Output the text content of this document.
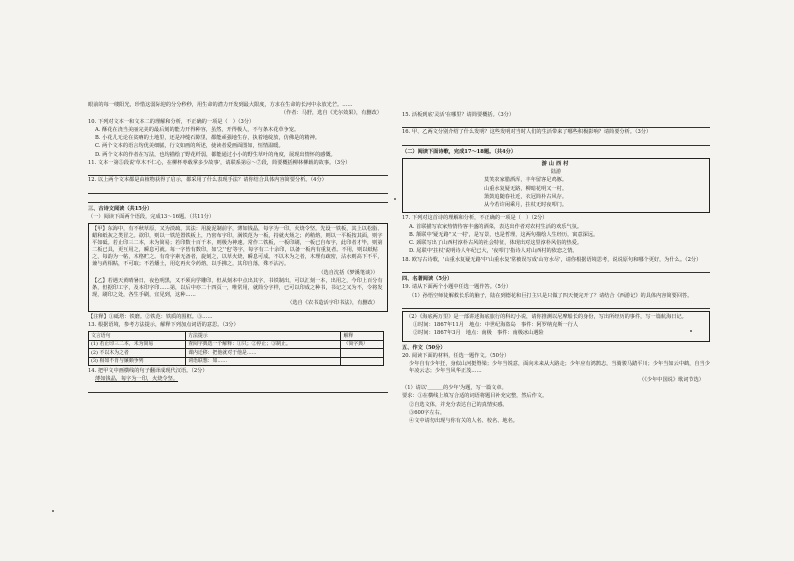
眼前的每一缕阳光，珍惜这弱际迎的分分秒秒，用生命的潜力开发到最大限度，方求在生命的长河中永放光芒。……

（作者：马舒，选自《光尔效果》，有删改）

10. 下列对文本一和文本二的理解和分析，不正确的一项是（　）（3分）

A. 酥花在浇当美丽完美的最后刻的能力开得种容，虽然，开得极人，不与条木花草争宠。

B. 小花儿无论在贫瘠的土地里，还是冲缝石隙里，都能顽强地生存，执着地绽放，仿佛是的精神。

C. 两个文本的语言均优美细腻，行文如画的所述，使读者爱画面图如，恒情温暖。

D. 两个文本的作者在写法，也均描绘了野花纤弱，都能通过小小的野生草叶的角度，展现出情怀的感慨。

11. 文本一第⑤段说'草木不仁心，在柳杯枣载掌多少故事'，请联系第⑥～⑦段，简要概括柳林柳载的故事。（3分）

12. 以上两个文本都是由植物获得了启示，都采用了什么表现手法？请你结合具体内容简要分析。（4分）

三、古诗文阅读（共15分）

（一）阅读下面两个语段，完成13～16题。（共11分）

【甲】东海中，有不秋草原，又为淡疏，其法：用旋泥制前字，薄如钱晶，每字为一印，火烧令坚。先设一铁板，其上以松脂、蜡和纸灰之类冒之。欲印，则以一铁范置铁板上，乃密布字印，满铁范为一板，持就火炀之；药稍熔，则以一平板按其面，则字平如砥。若止印三二本，未为简易；若印数十百千本，则极为神速。常作二铁板，一板印刷，一板已自布字，此印者才毕，则第二板已具，更互用之，瞬息可就。每一字皆有数印，如'之''也'等字，每字有二十余印，以备一板内有重复者。不用，则以纸帖之，每韵为一帖，木格贮之。有奇字素无备者，旋刻之，以草火烧，瞬息可成。不以木为之者，木理有疏密，沾水则高下不平，兼与药相粘，不可取；不若燔土，用讫再火令药熔，以手拂之，其印自落，殊不沾污。

（选自沈括《梦溪笔谈》）

【乙】若遇天黄晴暑日，夜色明黑，又不须向学雕印，但从刻本中点出其字，书铁制出，可以汇刻一本，出用之，今印上百分有条，但据印工字，及本印字印……第，以后中亦二十四页一，唯常用，就简分字样，已可以印成之种书，书记之又为不，令将发现，刷印之处，各生手刷，宜见到，这种……

（选自《农书造活字印书法》，有删改）

【注释】①砥塔：铁磨。②铁范：铁质的围框。③……

13. 根据语境，参考方法提示，解释下列加点词语的意思。（3分）

文言语句	方法提示	解释
(1) 若止印三二本，未为简易	查阅字典选一个解释：①只；②停止；③制止。	（简字典）
(2) 不以木为之者	课内迁移：把他就对于他是……	
(3) 相如不肯与廉颇争列	词语联想：如……	

14. 把甲文中画横线的句子翻译成现代汉语。（2分）

薄如钱晶，每字为一印，火烧令坚。

15. 活板到底'灵活'在哪里？请简要概括。（3分）

16. 甲、乙两文分别介绍了什么发明？这些发明对当时人们的生活带来了哪些积极影响？请简要分析。（3分）

（二）阅读下面诗歌，完成17～18题。（共4分）

游山西村

陆游

莫笑农家腊酒浑，丰年留客足鸡豚。

山重水复疑无路，柳暗花明又一村。

箫鼓追随春社近，衣冠简朴古风存。

从今若许闲乘月，拄杖无时夜叩门。

17. 下列对这首诗的理解和分析，不正确的一项是（　）（2分）

A. 首联描写农家热情待客丰盛的酒菜，表达出作者对农村生活的欢乐气氛。

B. 颔联中'疑无路''又一村'，是写景，也是哲理，这两句描绘人生经历，寓意深远。

C. 颈联写出了山西村淳朴古风的社会特征，体现出对这里淳朴风俗的热爱。

D. 尾联中'拄杖'说明诗人年纪已大，'夜叩门'指诗人对山西村的依恋之情。

18. 欧写古诗歌，'山重水复疑无路'中'山重水复'常被误写成'山穷水尽'，请你根据语境思考，说说原句和哪个更好，为什么。（2分）

四、名著阅读（5分）

19. 请从下面两个小题中任选一题作答。（5分）

（1）孙悟空师徒解救长乐的脑子，陆在到德花和巨打主只是只做了四天便完开了？请结合《西游记》的具体内容简要回答。

（2）《海底两万里》是一部讲述海底旅行的科幻小说，请你推测以尼摩船长的身份，写出所经历的事件，写一篇航海日记。

①时间：1867年11月　地点：中世纪海盗岛　事件：阿罗纳克斯一行人

②时间：1867年3月　地点：南极　事件：南极冰山遇险

五、作文（50分）

20. 阅读下面的材料，任选一题作文。（50分）

少年自有少年狂，身似山河挺脊梁；少年当锐意，面向未来从大路走；少年应有鸿鹄志，当骑骏马踏平川；少年当如云中鹤，自当少年凌云志；少年当风华正茂……

（《少年中国说》歌词节选）

（1）请以'＿＿＿的少年'为题，写一篇文章。

要求：①在横线上填写合适的词语将题目补充完整，然后作文。

②自选文体，并充分表达自己的真情实感。

③600字左右。

④文中请勿出现与你有关的人名、校名、地名。
